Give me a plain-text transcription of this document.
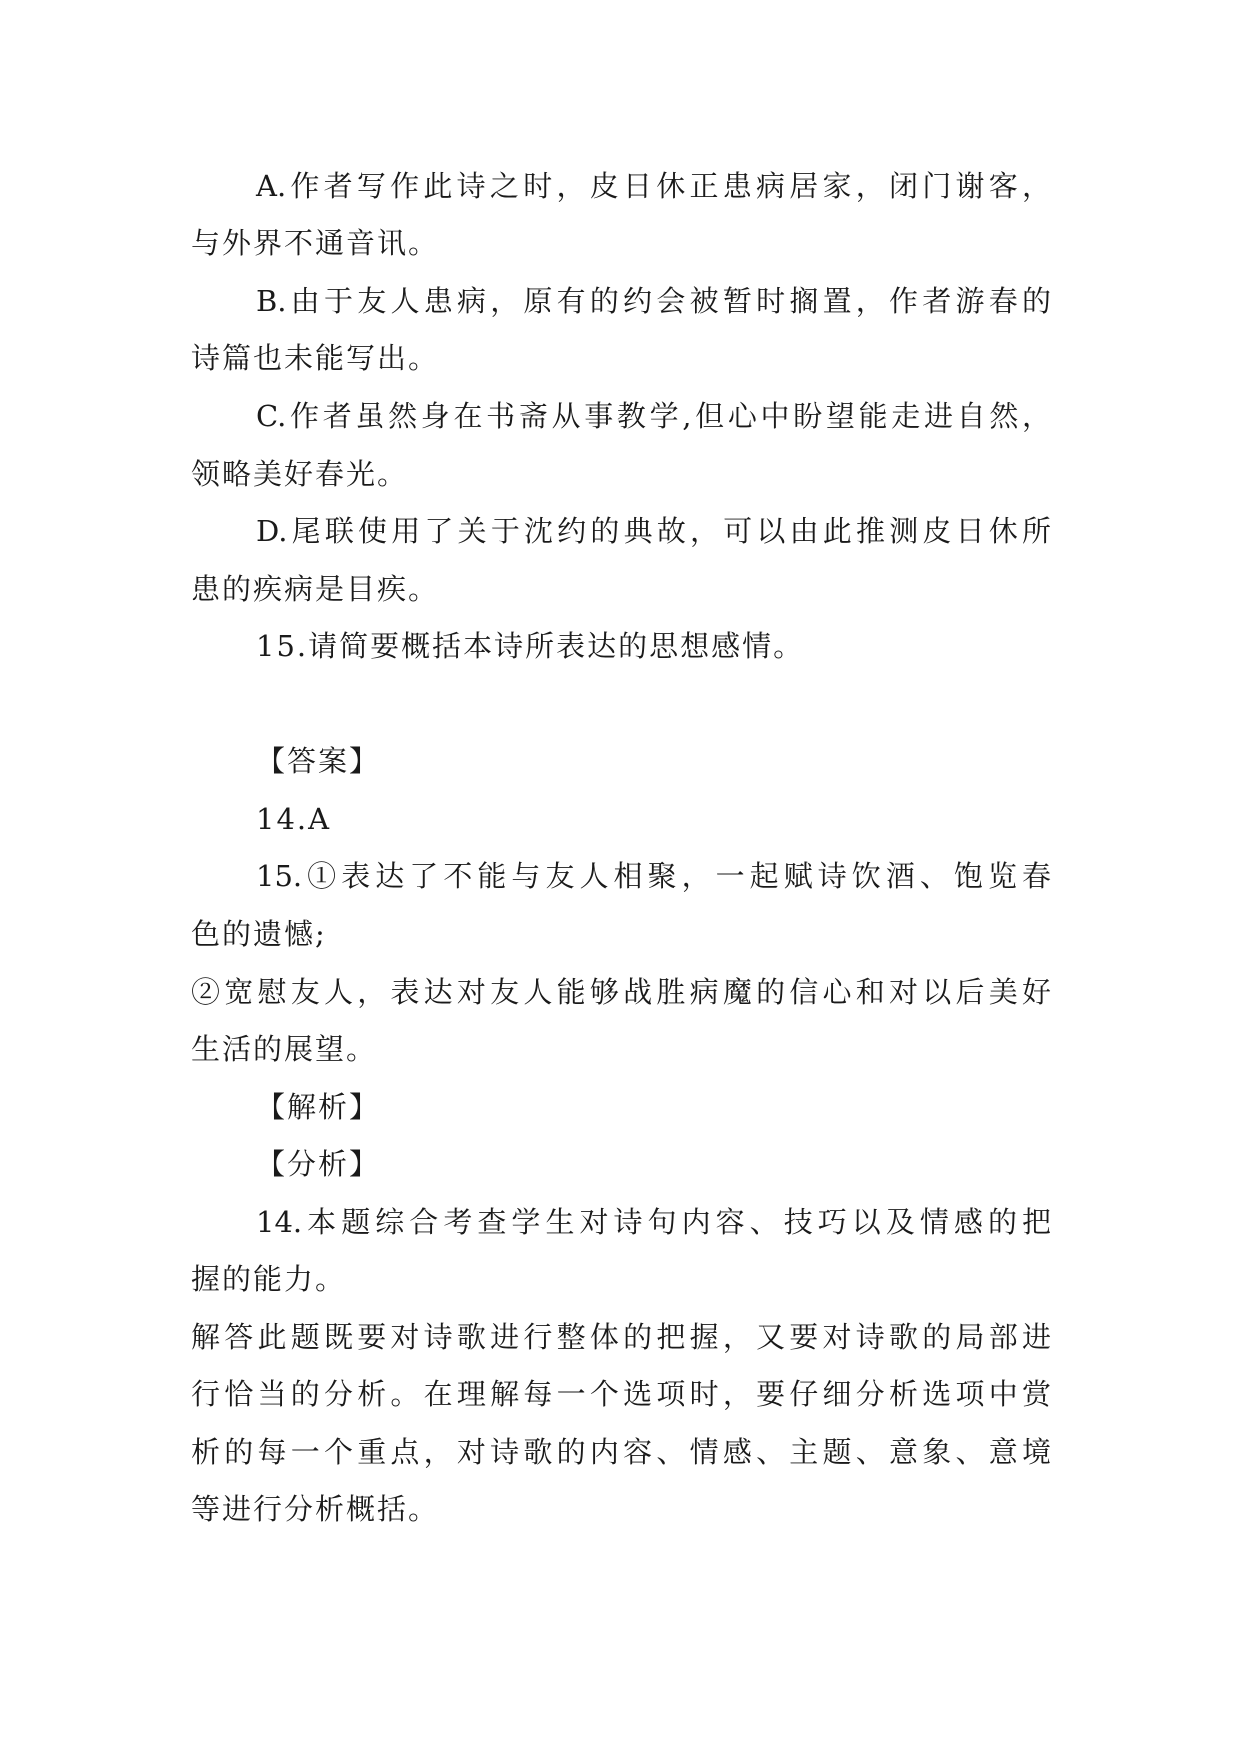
A.作者写作此诗之时，皮日休正患病居家，闭门谢客，
与外界不通音讯。
B.由于友人患病，原有的约会被暂时搁置，作者游春的
诗篇也未能写出。
C.作者虽然身在书斋从事教学,但心中盼望能走进自然，
领略美好春光。
D.尾联使用了关于沈约的典故，可以由此推测皮日休所
患的疾病是目疾。
15.请简要概括本诗所表达的思想感情。
【答案】
14.A
15.①表达了不能与友人相聚，一起赋诗饮酒、饱览春
色的遗憾;
②宽慰友人，表达对友人能够战胜病魔的信心和对以后美好
生活的展望。
【解析】
【分析】
14.本题综合考查学生对诗句内容、技巧以及情感的把
握的能力。
解答此题既要对诗歌进行整体的把握，又要对诗歌的局部进
行恰当的分析。在理解每一个选项时，要仔细分析选项中赏
析的每一个重点，对诗歌的内容、情感、主题、意象、意境
等进行分析概括。
